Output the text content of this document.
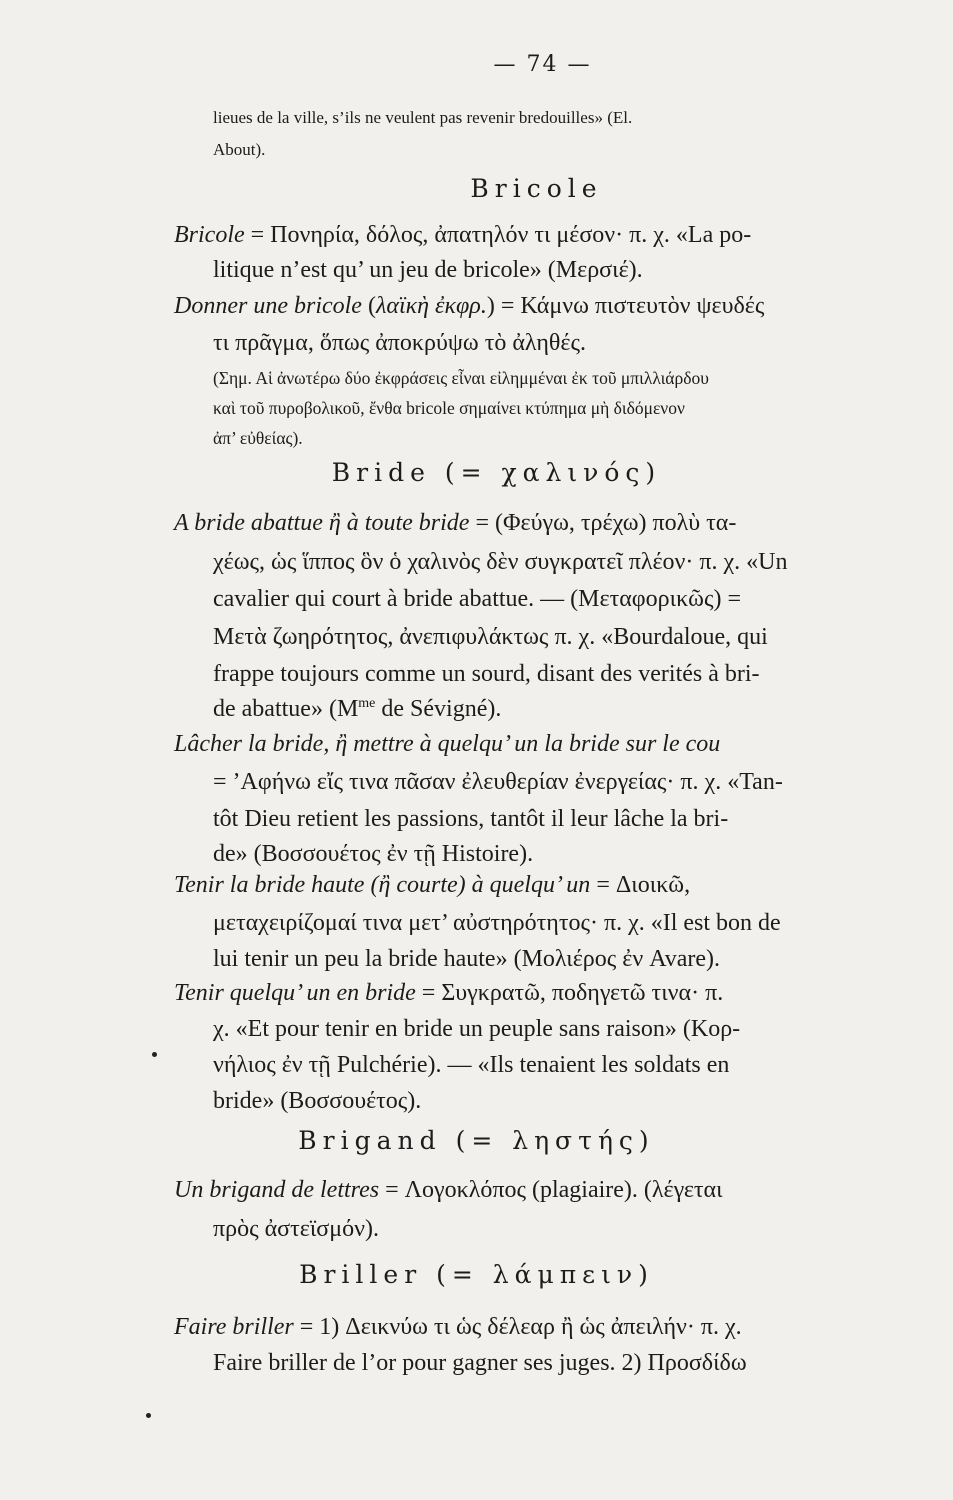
— 74 —
lieues de la ville, s’ils ne veulent pas revenir bredouilles» (El.
About).
Bricole
Bricole = Πονηρία, δόλος, ἀπατηλόν τι μέσον· π. χ. «La po-
litique n’est qu’ un jeu de bricole» (Μερσιέ).
Donner une bricole (λαϊκὴ ἐκφρ.) = Κάμνω πιστευτὸν ψευδές
τι πρᾶγμα, ὅπως ἀποκρύψω τὸ ἀληθές.
(Σημ. Αἱ ἀνωτέρω δύο ἐκφράσεις εἶναι εἰλημμέναι ἐκ τοῦ μπιλλιάρδου
καὶ τοῦ πυροβολικοῦ, ἔνθα bricole σημαίνει κτύπημα μὴ διδόμενον
ἀπ’ εὐθείας).
Bride (= χαλινός)
A bride abattue ἢ à toute bride = (Φεύγω, τρέχω) πολὺ τα-
χέως, ὡς ἵππος ὃν ὁ χαλινὸς δὲν συγκρατεῖ πλέον· π. χ. «Un
cavalier qui court à bride abattue. — (Μεταφορικῶς) =
Μετὰ ζωηρότητος, ἀνεπιφυλάκτως π. χ. «Bourdaloue, qui
frappe toujours comme un sourd, disant des verités à bri-
de abattue» ($M^{me}$ de Sévigné).
Lâcher la bride, ἢ mettre à quelqu’ un la bride sur le cou
= ’Αφήνω εἴς τινα πᾶσαν ἐλευθερίαν ἐνεργείας· π. χ. «Tan-
tôt Dieu retient les passions, tantôt il leur lâche la bri-
de» (Βοσσουέτος ἐν τῇ Histoire).
Tenir la bride haute (ἢ courte) à quelqu’ un = Διοικῶ,
μεταχειρίζομαί τινα μετ’ αὐστηρότητος· π. χ. «Il est bon de
lui tenir un peu la bride haute» (Μολιέρος ἐν Avare).
Tenir quelqu’ un en bride = Συγκρατῶ, ποδηγετῶ τινα· π.
χ. «Et pour tenir en bride un peuple sans raison» (Κορ-
νήλιος ἐν τῇ Pulchérie). — «Ils tenaient les soldats en
bride» (Βοσσουέτος).
Brigand (= ληστής)
Un brigand de lettres = Λογοκλόπος (plagiaire). (λέγεται
πρὸς ἀστεϊσμόν).
Briller (= λάμπειν)
Faire briller = 1) Δεικνύω τι ὡς δέλεαρ ἢ ὡς ἀπειλήν· π. χ.
Faire briller de l’or pour gagner ses juges. 2) Προσδίδω
